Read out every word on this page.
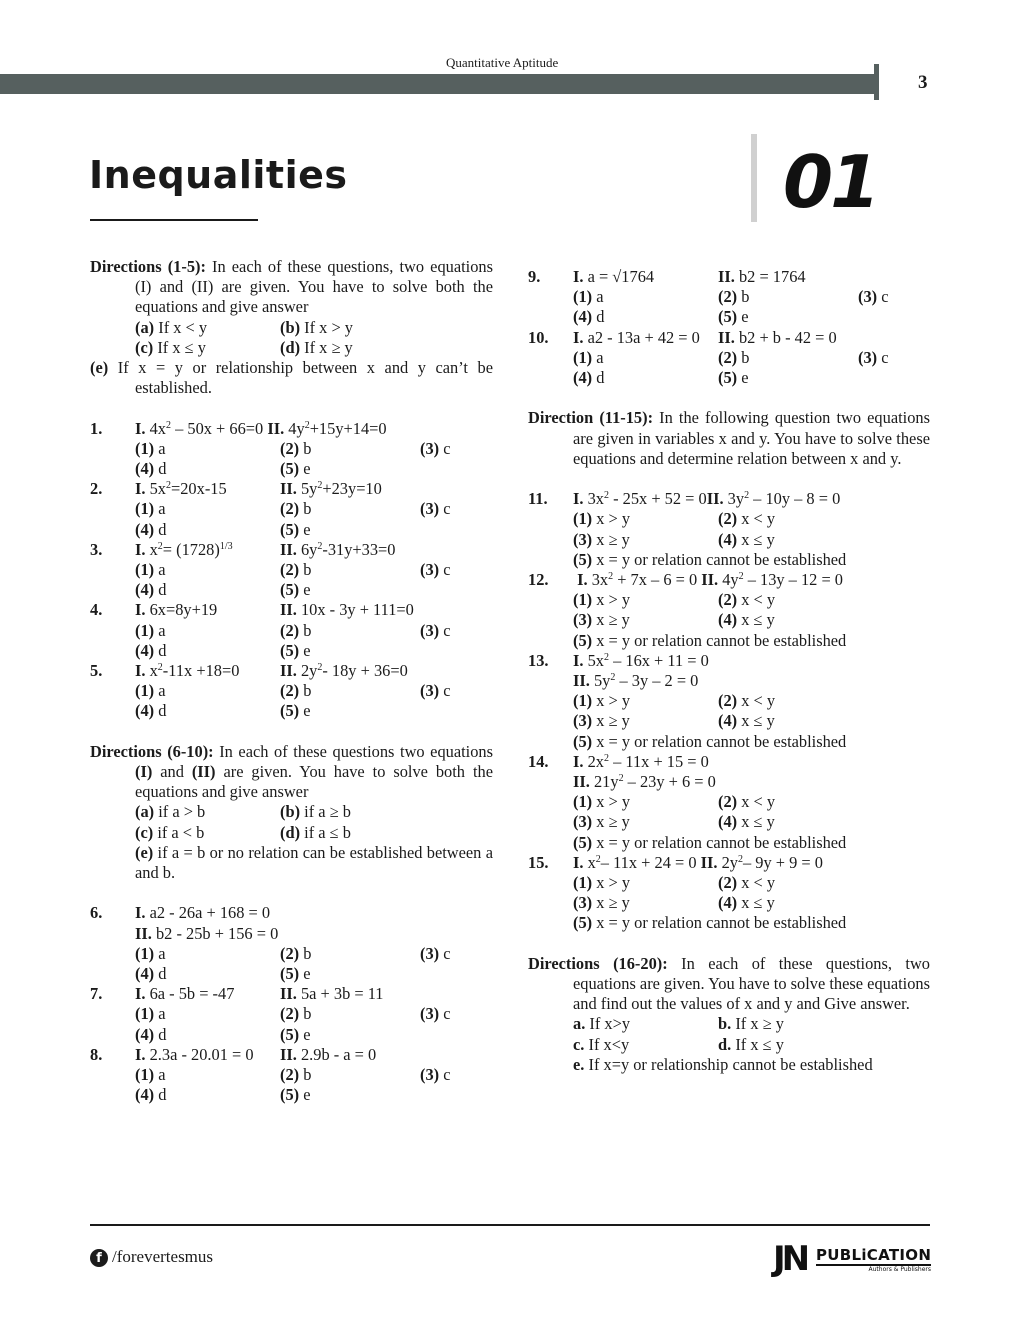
Quantitative Aptitude
3
Inequalities	01
Directions (1-5): In each of these questions, two equations (I) and (II) are given. You have to solve both the equations and give answer
(a) If x < y	(b) If x > y
(c) If x ≤ y	(d) If x ≥ y
(e) If x = y or relationship between x and y can’t be established.
1. I. $4x^2 - 50x + 66=0$ II. $4y^2+15y+14=0$
(1) a	(2) b	(3) c
(4) d	(5) e
2. I. $5x^2=20x-15$	II. $5y^2+23y=10$
(1) a	(2) b	(3) c
(4) d	(5) e
3. I. $x^2= (1728)^{1/3}$	II. $6y^2-31y+33=0$
(1) a	(2) b	(3) c
(4) d	(5) e
4. I. 6x=8y+19	II. 10x - 3y + 111=0
(1) a	(2) b	(3) c
(4) d	(5) e
5. I. $x^2-11x +18=0$	II. $2y^2-$ 18y + 36=0
(1) a	(2) b	(3) c
(4) d	(5) e
Directions (6-10): In each of these questions two equations (I) and (II) are given. You have to solve both the equations and give answer
(a) if a > b	(b) if a ≥ b
(c) if a < b	(d) if a ≤ b
(e) if a = b or no relation can be established between a and b.
6. I. a2 - 26a + 168 = 0
II. b2 - 25b + 156 = 0
(1) a	(2) b	(3) c
(4) d	(5) e
7. I. 6a - 5b = -47	II. 5a + 3b = 11
(1) a	(2) b	(3) c
(4) d	(5) e
8. I. 2.3a - 20.01 = 0	II. 2.9b - a = 0
(1) a	(2) b	(3) c
(4) d	(5) e
9. I. a = √1764	II. b2 = 1764
(1) a	(2) b	(3) c
(4) d	(5) e
10. I. a2 - 13a + 42 = 0	II. b2 + b - 42 = 0
(1) a	(2) b	(3) c
(4) d	(5) e
Direction (11-15): In the following question two equations are given in variables x and y. You have to solve these equations and determine relation between x and y.
11. I. $3x^2 - 25x + 52 = 0II$. $3y^2 - 10y - 8 = 0$
(1) x > y	(2) x < y
(3) x ≥ y	(4) x ≤ y
(5) x = y or relation cannot be established
12. I. $3x^2 + 7x - 6 = 0$ II. $4y^2 - 13y - 12 = 0$
(1) x > y	(2) x < y
(3) x ≥ y	(4) x ≤ y
(5) x = y or relation cannot be established
13. I. $5x^2 - 16x + 11 = 0$
II. $5y^2 - 3y - 2 = 0$
(1) x > y	(2) x < y
(3) x ≥ y	(4) x ≤ y
(5) x = y or relation cannot be established
14. I. $2x^2 - 11x + 15 = 0$
II. $21y^2 - 23y + 6 = 0$
(1) x > y	(2) x < y
(3) x ≥ y	(4) x ≤ y
(5) x = y or relation cannot be established
15. I. $x^2-$ 11x + 24 = 0 II. $2y^2-$ 9y + 9 = 0
(1) x > y	(2) x < y
(3) x ≥ y	(4) x ≤ y
(5) x = y or relation cannot be established
Directions (16-20): In each of these questions, two equations are given. You have to solve these equations and find out the values of x and y and Give answer.
a. If x>y	b. If x ≥ y
c. If x<y	d. If x ≤ y
e. If x=y or relationship cannot be established
f /forevertesmus	JN PUBLiCATION
Authors & Publishers
